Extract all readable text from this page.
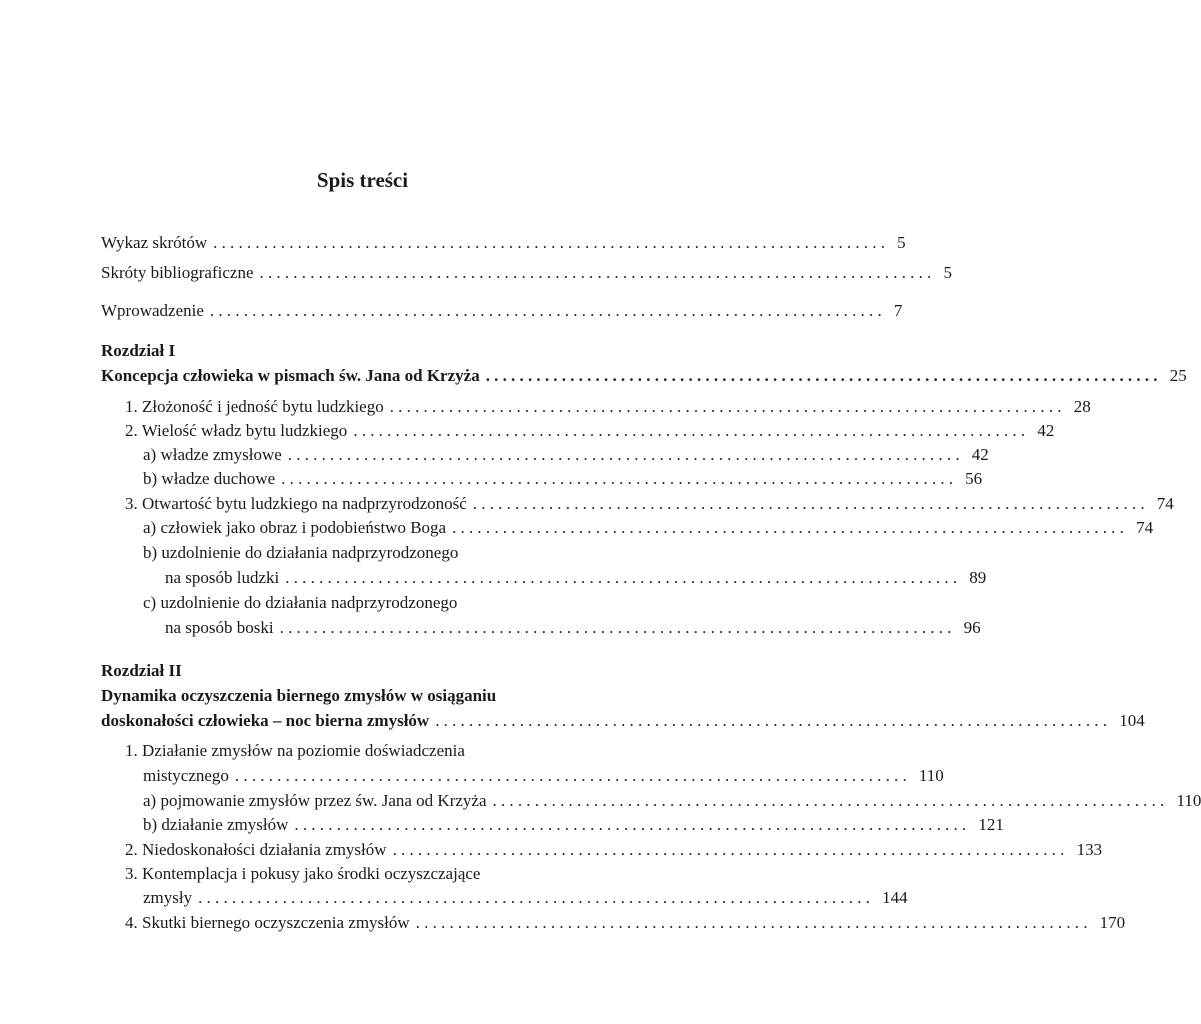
Spis treści
Wykaz skrótów ................................................................................ 5
Skróty bibliograficzne ................................................................................ 5
Wprowadzenie ................................................................................ 7
Rozdział I
Koncepcja człowieka w pismach św. Jana od Krzyża ................................................................................ 25
1. Złożoność i jedność bytu ludzkiego ................................................................................ 28
2. Wielość władz bytu ludzkiego ................................................................................ 42
a) władze zmysłowe ................................................................................ 42
b) władze duchowe ................................................................................ 56
3. Otwartość bytu ludzkiego na nadprzyrodzoność ................................................................................ 74
a) człowiek jako obraz i podobieństwo Boga ................................................................................ 74
b) uzdolnienie do działania nadprzyrodzonego
na sposób ludzki ................................................................................ 89
c) uzdolnienie do działania nadprzyrodzonego
na sposób boski ................................................................................ 96
Rozdział II
Dynamika oczyszczenia biernego zmysłów w osiąganiu
doskonałości człowieka – noc bierna zmysłów ................................................................................ 104
1. Działanie zmysłów na poziomie doświadczenia
mistycznego ................................................................................ 110
a) pojmowanie zmysłów przez św. Jana od Krzyża ................................................................................ 110
b) działanie zmysłów ................................................................................ 121
2. Niedoskonałości działania zmysłów ................................................................................ 133
3. Kontemplacja i pokusy jako środki oczyszczające
zmysły ................................................................................ 144
4. Skutki biernego oczyszczenia zmysłów ................................................................................ 170
